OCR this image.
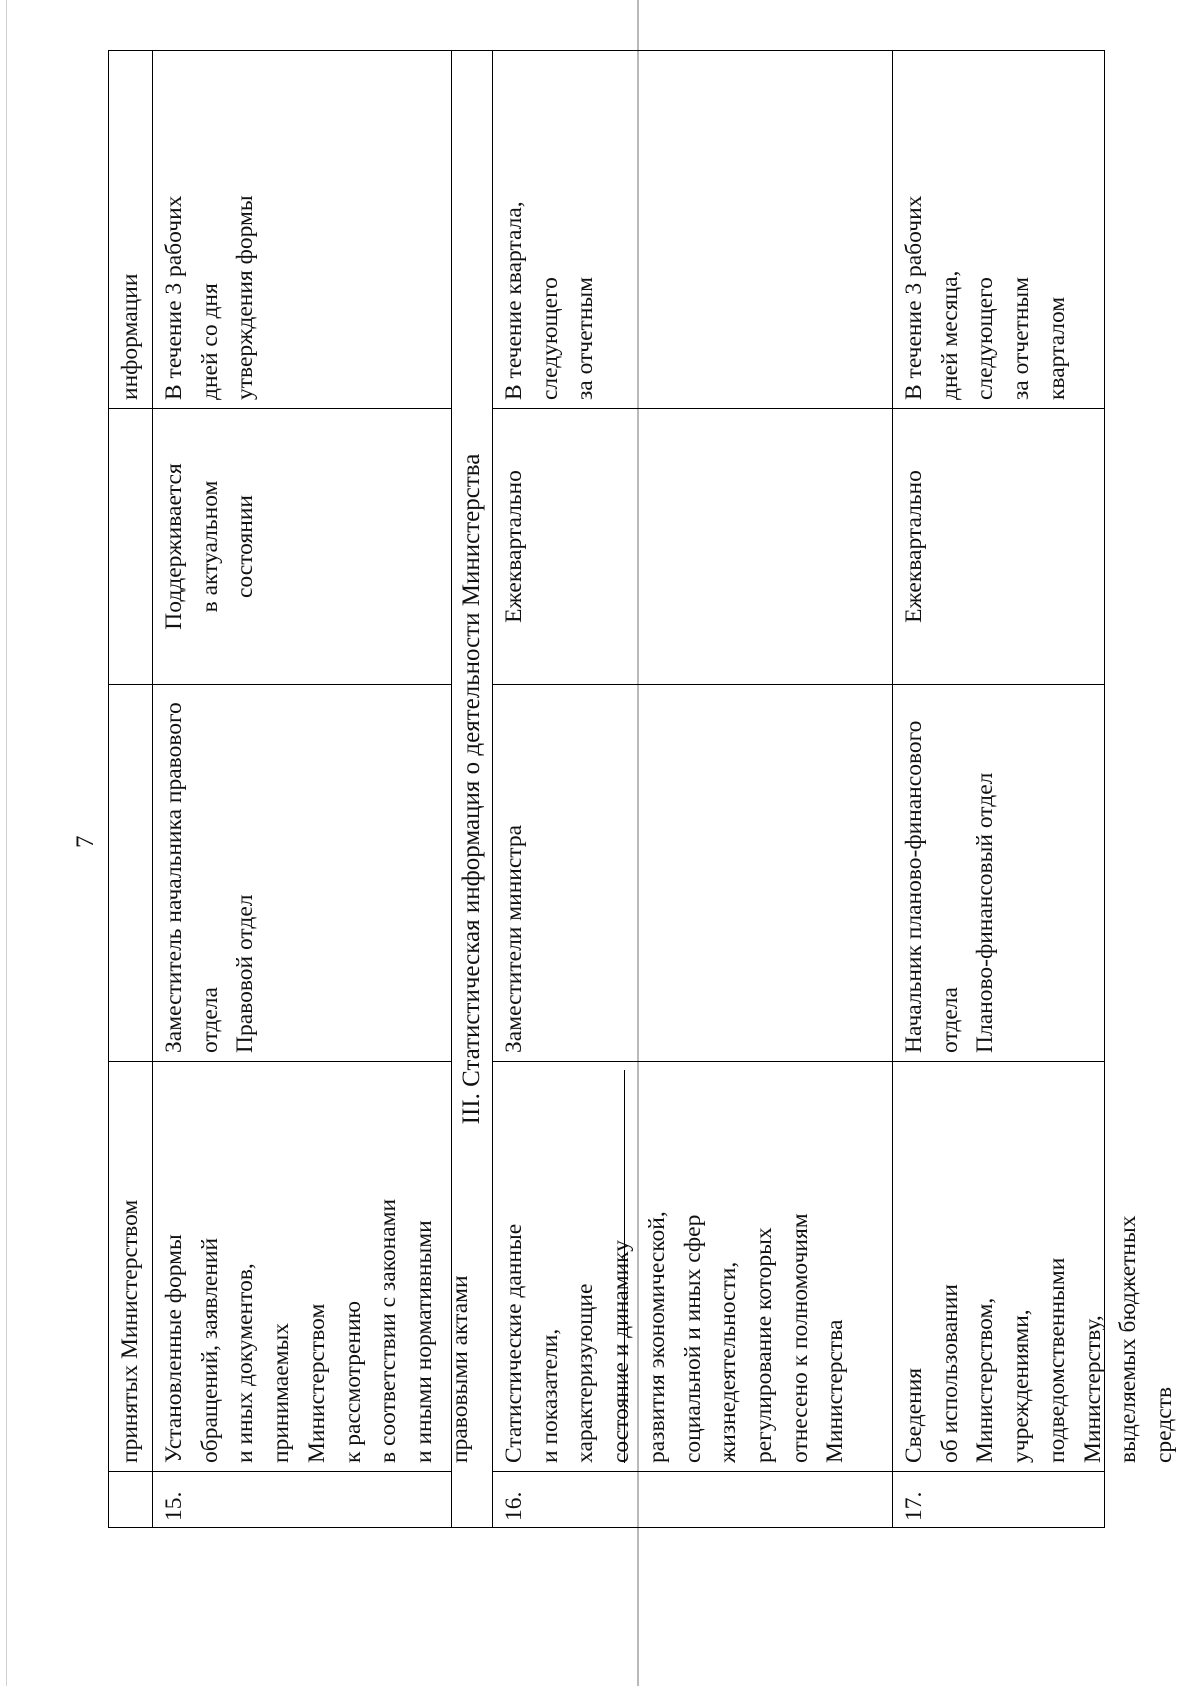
7
принятых Министерством
информации
15.
Установленные формы обращений, заявлений и иных документов, принимаемых Министерством к рассмотрению в соответствии с законами и иными нормативными правовыми актами
Заместитель начальника правового отдела Правовой отдел
Поддерживается в актуальном состоянии
В течение 3 рабочих дней со дня утверждения формы
III. Статистическая информация о деятельности Министерства
16.
Статистические данные и показатели, характеризующие состояние и динамику развития экономической, социальной и иных сфер жизнедеятельности, регулирование которых отнесено к полномочиям Министерства
Заместители министра
Ежеквартально
В течение квартала, следующего за отчетным
17.
Сведения об использовании Министерством, учреждениями, подведомственными Министерству, выделяемых бюджетных средств
Начальник планово-финансового отдела Планово-финансовый отдел
Ежеквартально
В течение 3 рабочих дней месяца, следующего за отчетным кварталом
